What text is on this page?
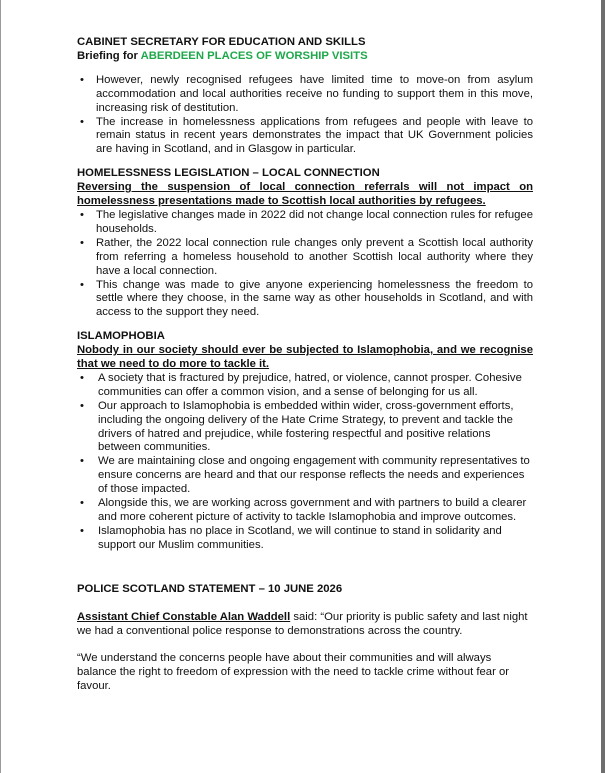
CABINET SECRETARY FOR EDUCATION AND SKILLS

Briefing for ABERDEEN PLACES OF WORSHIP VISITS

• However, newly recognised refugees have limited time to move-on from asylum accommodation and local authorities receive no funding to support them in this move, increasing risk of destitution.
• The increase in homelessness applications from refugees and people with leave to remain status in recent years demonstrates the impact that UK Government policies are having in Scotland, and in Glasgow in particular.

HOMELESSNESS LEGISLATION – LOCAL CONNECTION

Reversing the suspension of local connection referrals will not impact on homelessness presentations made to Scottish local authorities by refugees.

• The legislative changes made in 2022 did not change local connection rules for refugee households.
• Rather, the 2022 local connection rule changes only prevent a Scottish local authority from referring a homeless household to another Scottish local authority where they have a local connection.
• This change was made to give anyone experiencing homelessness the freedom to settle where they choose, in the same way as other households in Scotland, and with access to the support they need.

ISLAMOPHOBIA

Nobody in our society should ever be subjected to Islamophobia, and we recognise that we need to do more to tackle it.

• A society that is fractured by prejudice, hatred, or violence, cannot prosper. Cohesive communities can offer a common vision, and a sense of belonging for us all.
• Our approach to Islamophobia is embedded within wider, cross-government efforts, including the ongoing delivery of the Hate Crime Strategy, to prevent and tackle the drivers of hatred and prejudice, while fostering respectful and positive relations between communities.
• We are maintaining close and ongoing engagement with community representatives to ensure concerns are heard and that our response reflects the needs and experiences of those impacted.
• Alongside this, we are working across government and with partners to build a clearer and more coherent picture of activity to tackle Islamophobia and improve outcomes.
• Islamophobia has no place in Scotland, we will continue to stand in solidarity and support our Muslim communities.

POLICE SCOTLAND STATEMENT – 10 JUNE 2026

Assistant Chief Constable Alan Waddell said: “Our priority is public safety and last night we had a conventional police response to demonstrations across the country.

“We understand the concerns people have about their communities and will always balance the right to freedom of expression with the need to tackle crime without fear or favour.
